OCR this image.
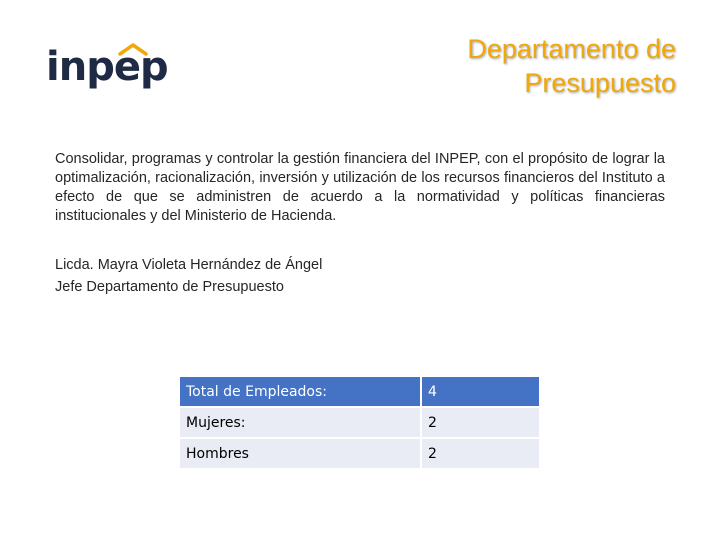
inpep	Departamento de
Presupuesto

Consolidar, programas y controlar la gestión financiera del INPEP, con el propósito de lograr la optimalización, racionalización, inversión y utilización de los recursos financieros del Instituto a efecto de que se administren de acuerdo a la normatividad y políticas financieras institucionales y del Ministerio de Hacienda.

Licda. Mayra Violeta Hernández de Ángel
Jefe Departamento de Presupuesto
Total de Empleados:	4
Mujeres:	2
Hombres	2
